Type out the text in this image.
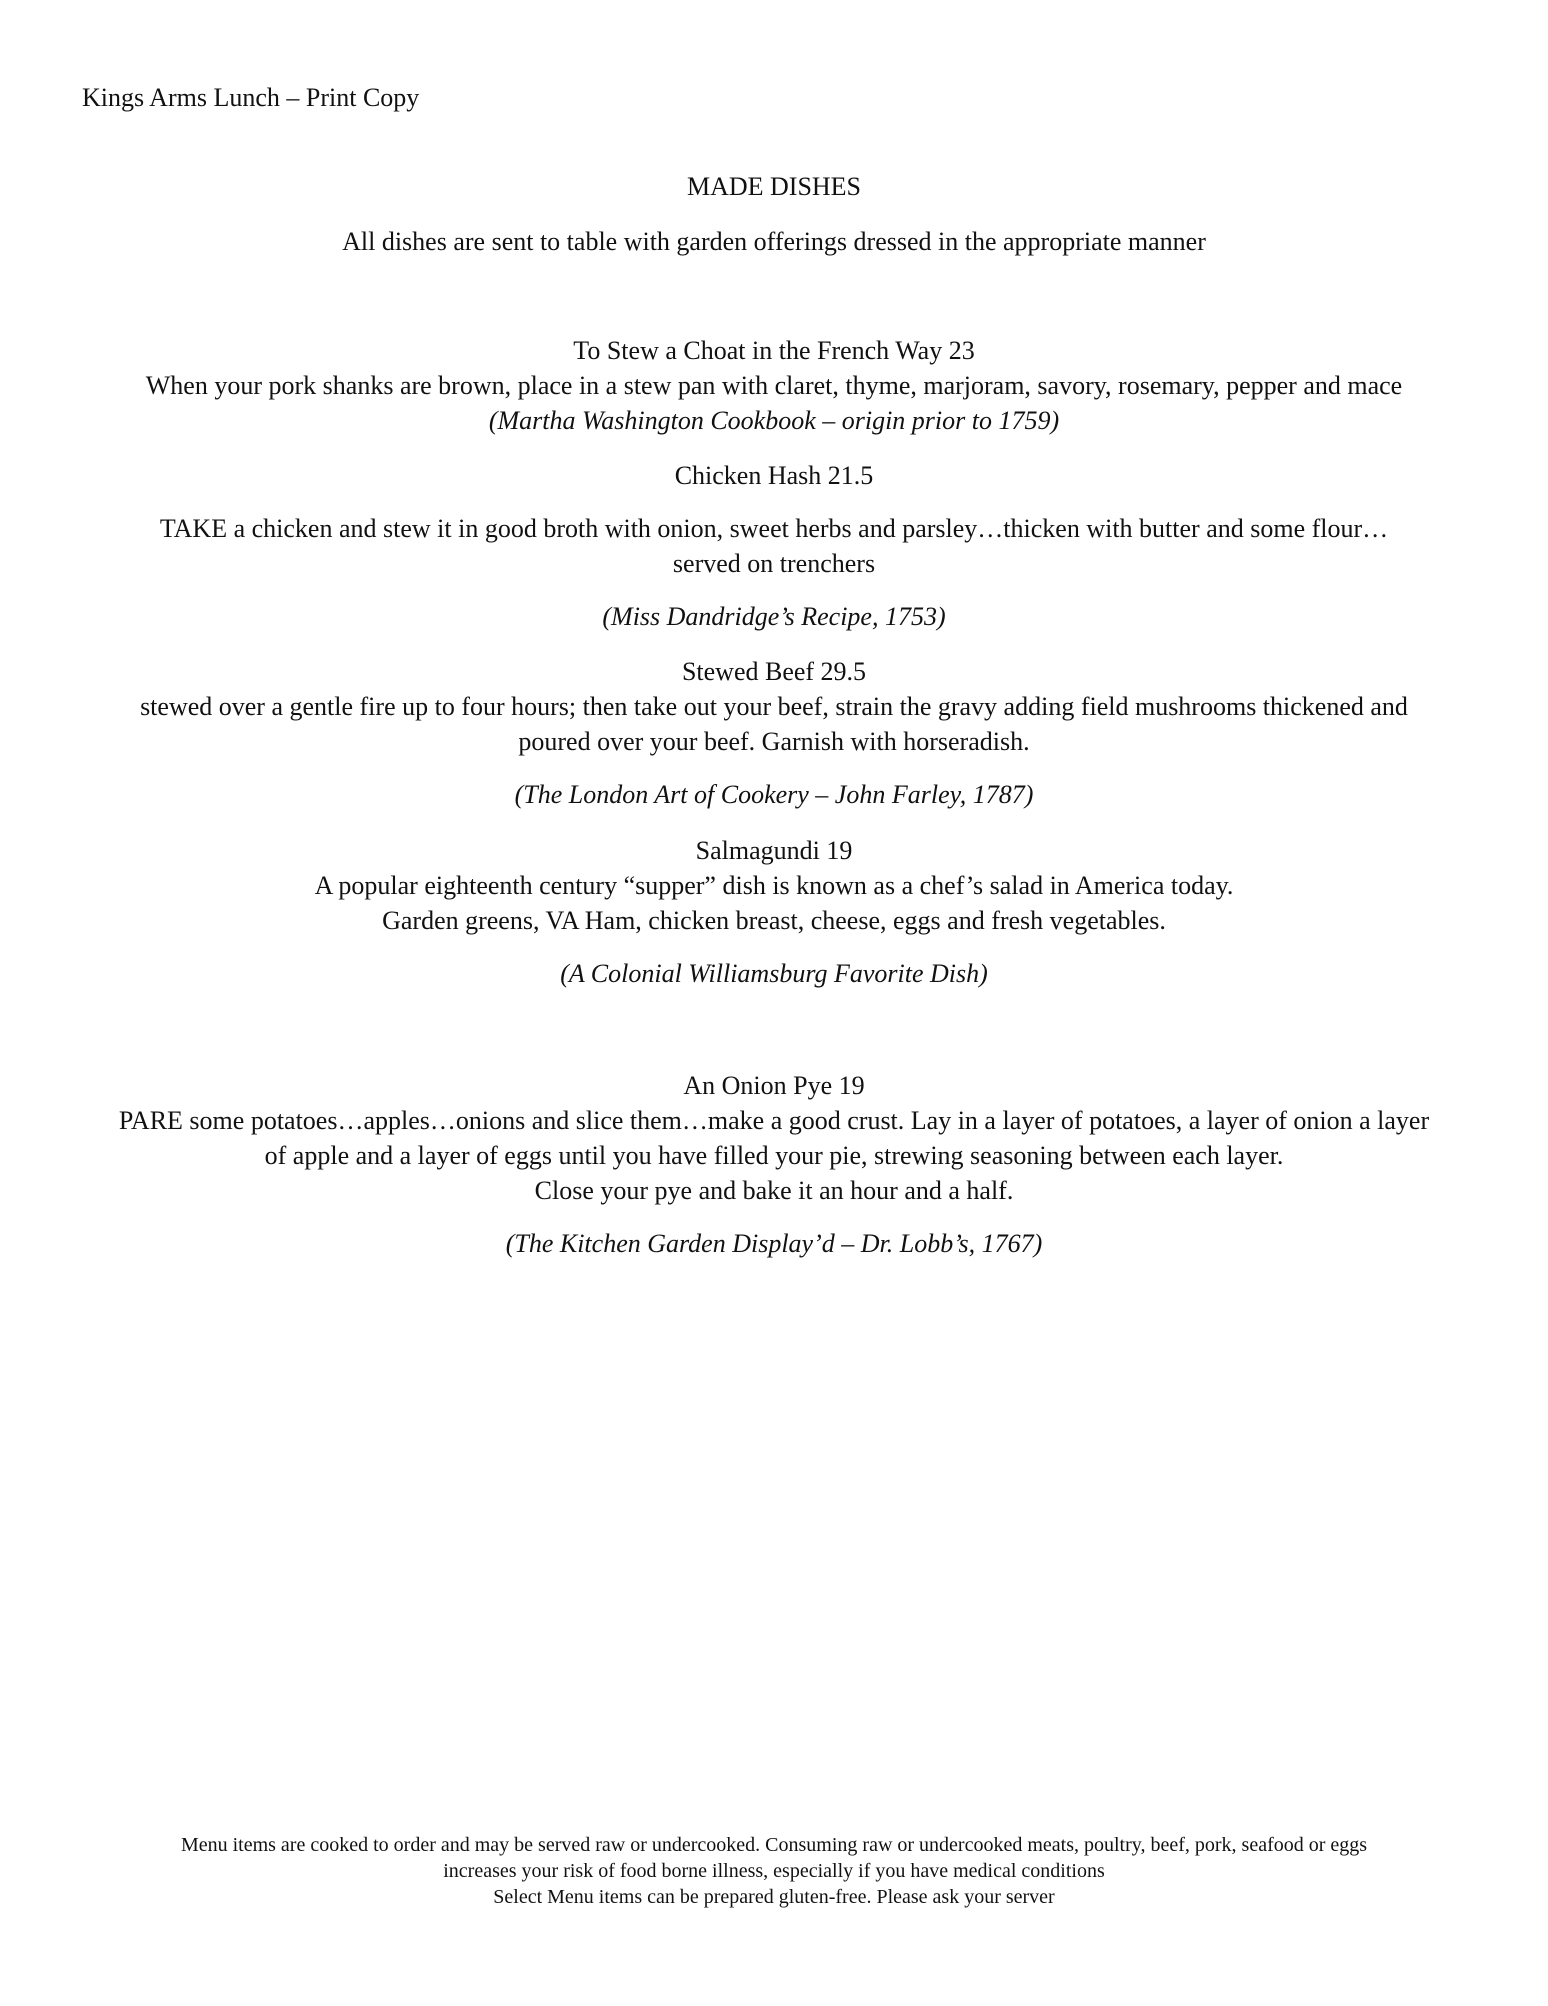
Kings Arms Lunch – Print Copy
MADE DISHES
All dishes are sent to table with garden offerings dressed in the appropriate manner
To Stew a Choat in the French Way 23
When your pork shanks are brown, place in a stew pan with claret, thyme, marjoram, savory, rosemary, pepper and mace
(Martha Washington Cookbook – origin prior to 1759)
Chicken Hash 21.5
TAKE a chicken and stew it in good broth with onion, sweet herbs and parsley…thicken with butter and some flour…
served on trenchers
(Miss Dandridge’s Recipe, 1753)
Stewed Beef 29.5
stewed over a gentle fire up to four hours; then take out your beef, strain the gravy adding field mushrooms thickened and
poured over your beef. Garnish with horseradish.
(The London Art of Cookery – John Farley, 1787)
Salmagundi 19
A popular eighteenth century “supper” dish is known as a chef’s salad in America today.
Garden greens, VA Ham, chicken breast, cheese, eggs and fresh vegetables.
(A Colonial Williamsburg Favorite Dish)
An Onion Pye 19
PARE some potatoes…apples…onions and slice them…make a good crust. Lay in a layer of potatoes, a layer of onion a layer
of apple and a layer of eggs until you have filled your pie, strewing seasoning between each layer.
Close your pye and bake it an hour and a half.
(The Kitchen Garden Display’d – Dr. Lobb’s, 1767)
Menu items are cooked to order and may be served raw or undercooked. Consuming raw or undercooked meats, poultry, beef, pork, seafood or eggs
increases your risk of food borne illness, especially if you have medical conditions
Select Menu items can be prepared gluten-free. Please ask your server
